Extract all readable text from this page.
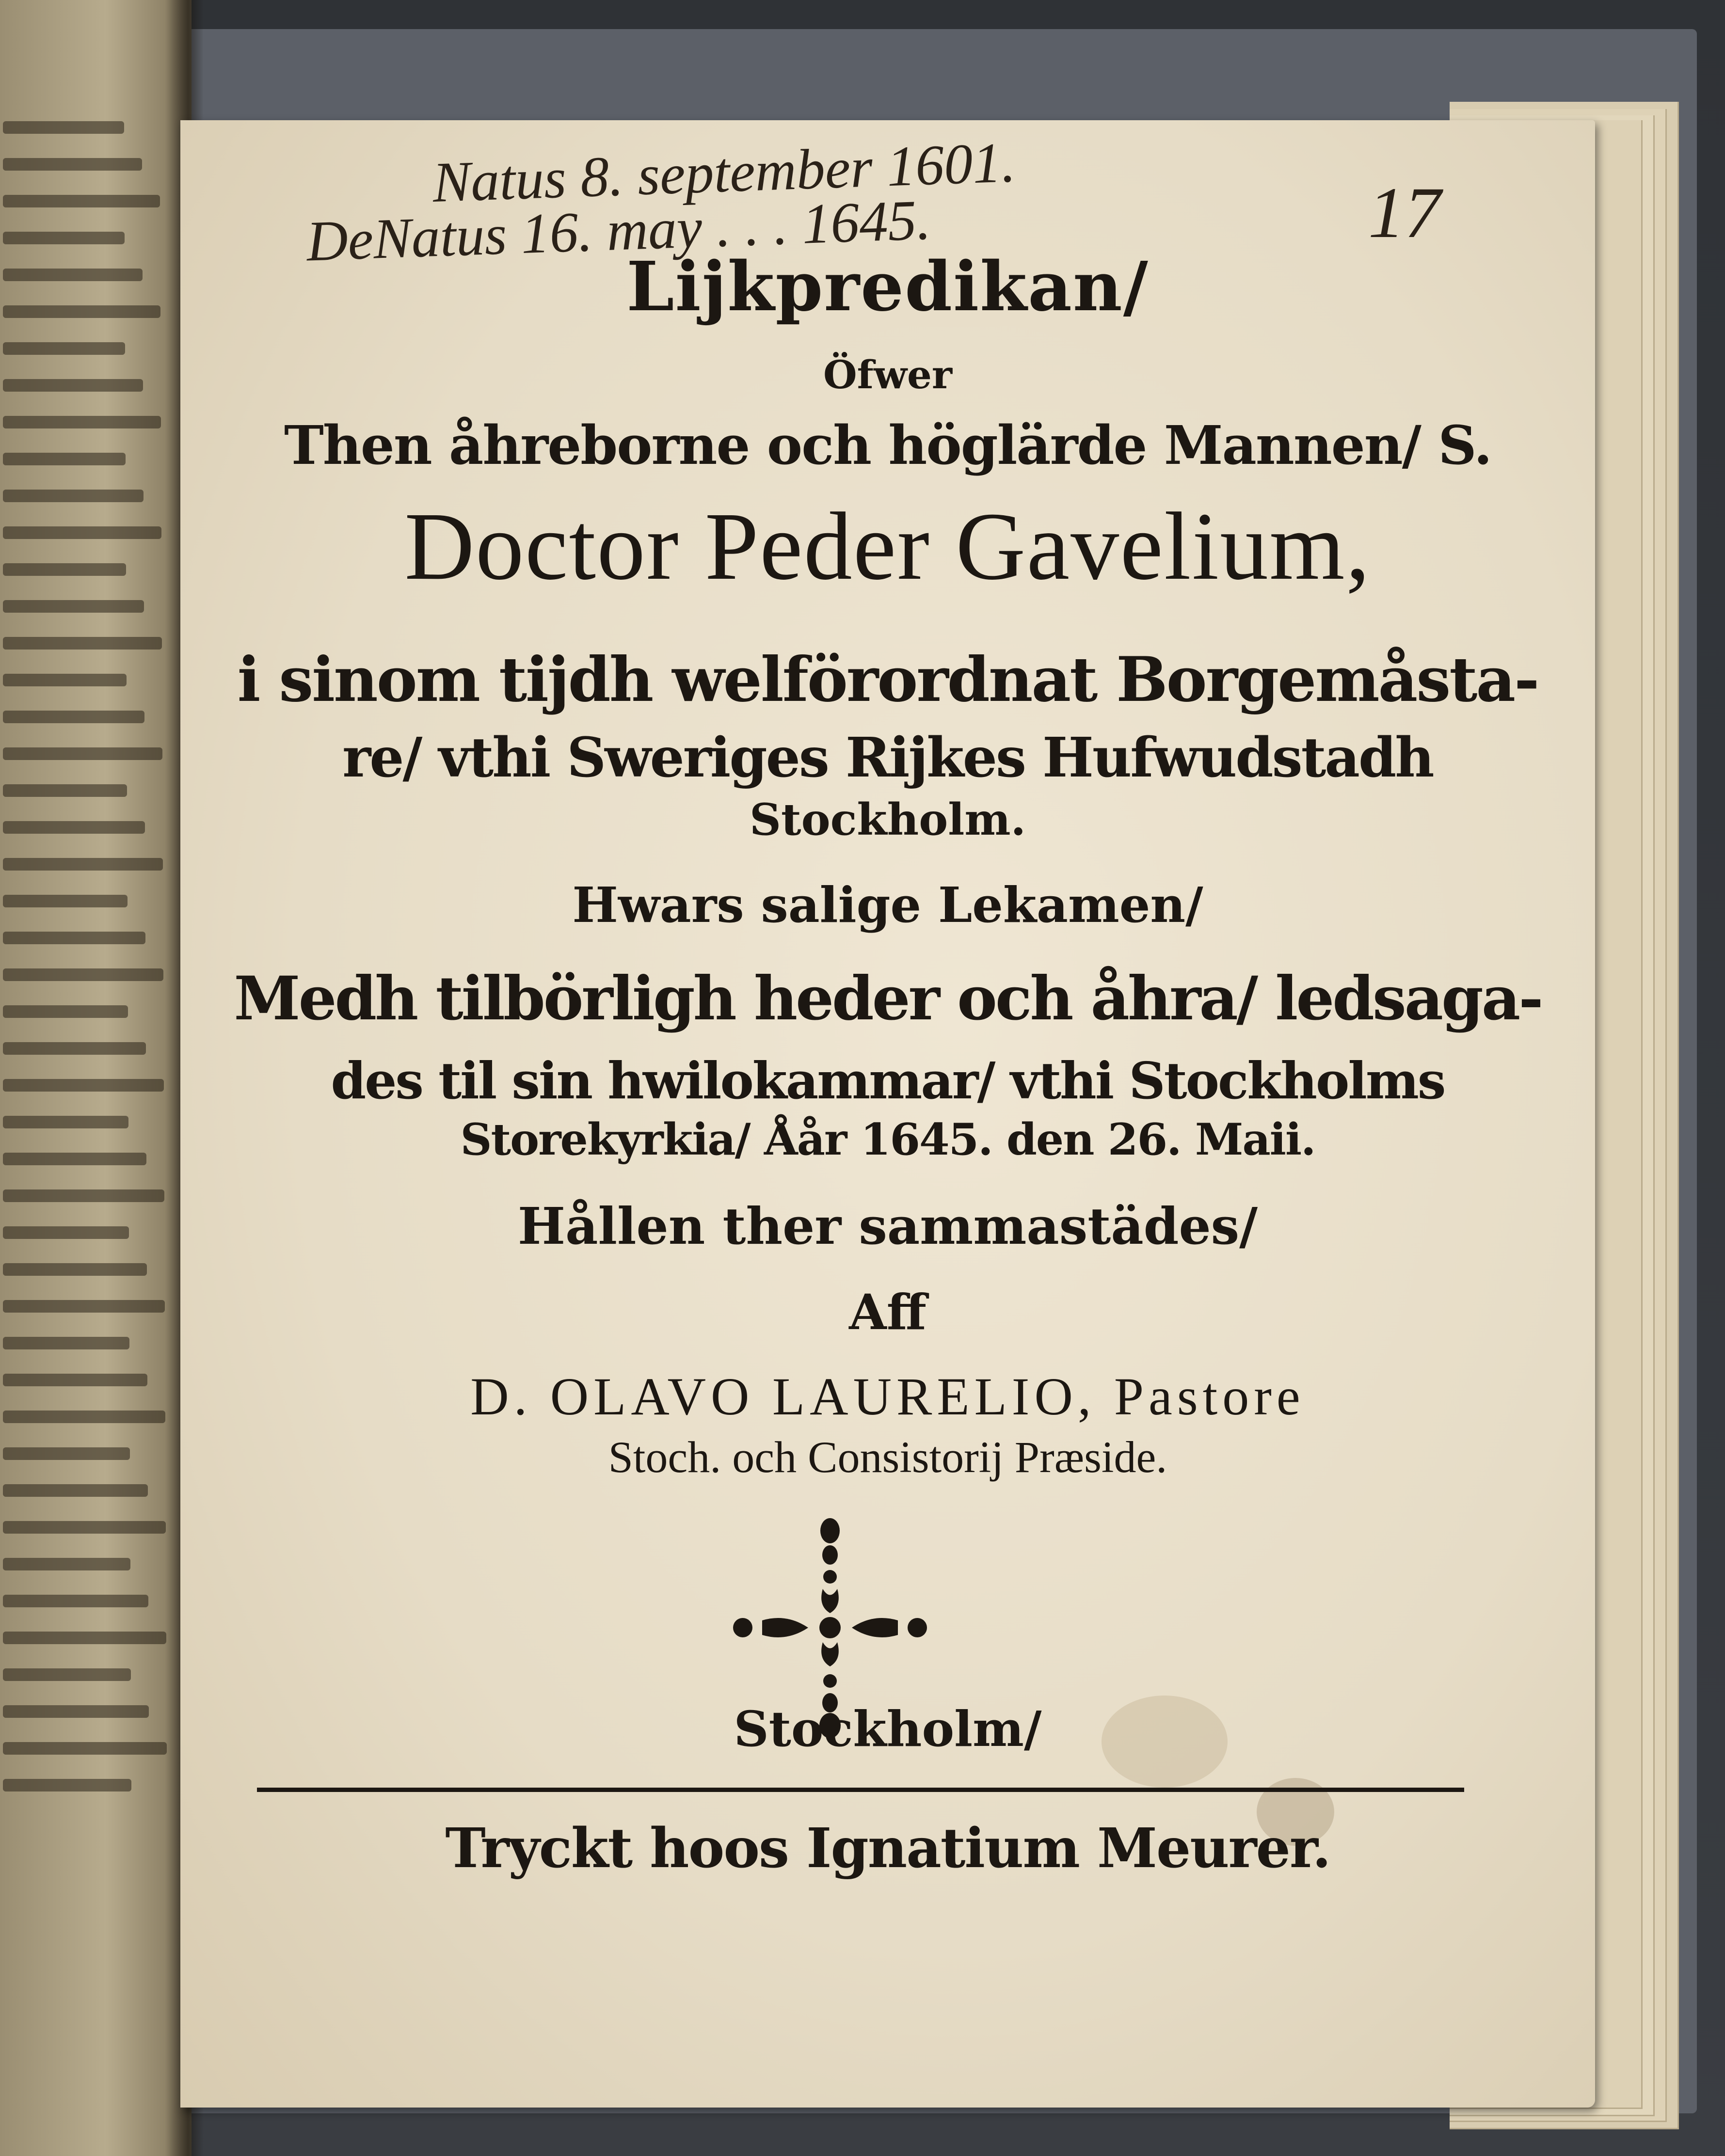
Natus 8. september 1601.
DeNatus 16. may . . . 1645.	17
Lijkpredikan/
Öfwer
Then åhreborne och höglärde Mannen/ S.
Doctor Peder Gavelium,
i sinom tijdh welförordnat Borgemåsta-
re/ vthi Sweriges Rijkes Hufwudstadh
Stockholm.
Hwars salige Lekamen/
Medh tilbörligh heder och åhra/ ledsaga-
des til sin hwilokammar/ vthi Stockholms
Storekyrkia/ Åår 1645. den 26. Maii.
Hållen ther sammastädes/
Aff
D. OLAVO LAURELIO, Pastore
Stoch. och Consistorij Præside.
Stockholm/
Tryckt hoos Ignatium Meurer.
